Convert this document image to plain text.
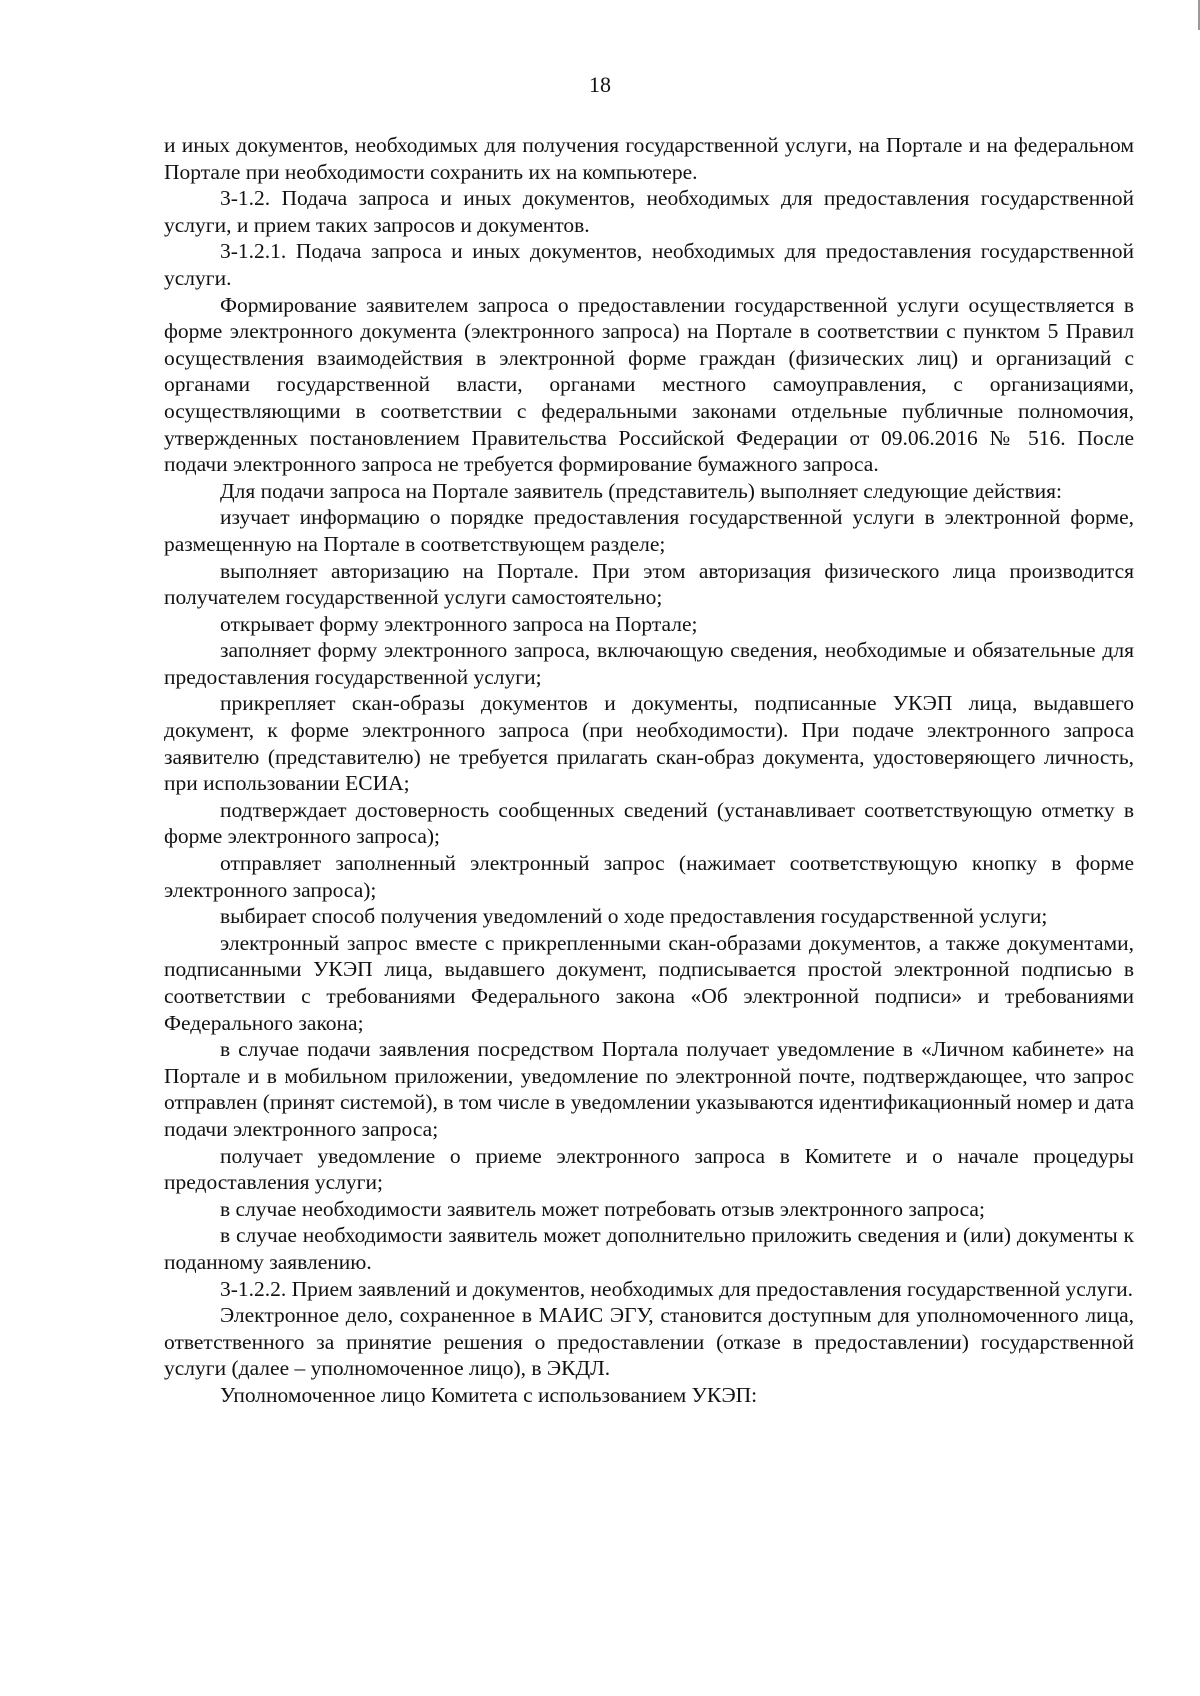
18

и иных документов, необходимых для получения государственной услуги, на Портале и на федеральном Портале при необходимости сохранить их на компьютере.

3-1.2. Подача запроса и иных документов, необходимых для предоставления государственной услуги, и прием таких запросов и документов.

3-1.2.1. Подача запроса и иных документов, необходимых для предоставления государственной услуги.

Формирование заявителем запроса о предоставлении государственной услуги осуществляется в форме электронного документа (электронного запроса) на Портале в соответствии с пунктом 5 Правил осуществления взаимодействия в электронной форме граждан (физических лиц) и организаций с органами государственной власти, органами местного самоуправления, с организациями, осуществляющими в соответствии с федеральными законами отдельные публичные полномочия, утвержденных постановлением Правительства Российской Федерации от 09.06.2016 № 516. После подачи электронного запроса не требуется формирование бумажного запроса.

Для подачи запроса на Портале заявитель (представитель) выполняет следующие действия:

изучает информацию о порядке предоставления государственной услуги в электронной форме, размещенную на Портале в соответствующем разделе;

выполняет авторизацию на Портале. При этом авторизация физического лица производится получателем государственной услуги самостоятельно;

открывает форму электронного запроса на Портале;

заполняет форму электронного запроса, включающую сведения, необходимые и обязательные для предоставления государственной услуги;

прикрепляет скан-образы документов и документы, подписанные УКЭП лица, выдавшего документ, к форме электронного запроса (при необходимости). При подаче электронного запроса заявителю (представителю) не требуется прилагать скан-образ документа, удостоверяющего личность, при использовании ЕСИА;

подтверждает достоверность сообщенных сведений (устанавливает соответствующую отметку в форме электронного запроса);

отправляет заполненный электронный запрос (нажимает соответствующую кнопку в форме электронного запроса);

выбирает способ получения уведомлений о ходе предоставления государственной услуги;

электронный запрос вместе с прикрепленными скан-образами документов, а также документами, подписанными УКЭП лица, выдавшего документ, подписывается простой электронной подписью в соответствии с требованиями Федерального закона «Об электронной подписи» и требованиями Федерального закона;

в случае подачи заявления посредством Портала получает уведомление в «Личном кабинете» на Портале и в мобильном приложении, уведомление по электронной почте, подтверждающее, что запрос отправлен (принят системой), в том числе в уведомлении указываются идентификационный номер и дата подачи электронного запроса;

получает уведомление о приеме электронного запроса в Комитете и о начале процедуры предоставления услуги;

в случае необходимости заявитель может потребовать отзыв электронного запроса;

в случае необходимости заявитель может дополнительно приложить сведения и (или) документы к поданному заявлению.

3-1.2.2. Прием заявлений и документов, необходимых для предоставления государственной услуги.

Электронное дело, сохраненное в МАИС ЭГУ, становится доступным для уполномоченного лица, ответственного за принятие решения о предоставлении (отказе в предоставлении) государственной услуги (далее – уполномоченное лицо), в ЭКДЛ.

Уполномоченное лицо Комитета с использованием УКЭП:
